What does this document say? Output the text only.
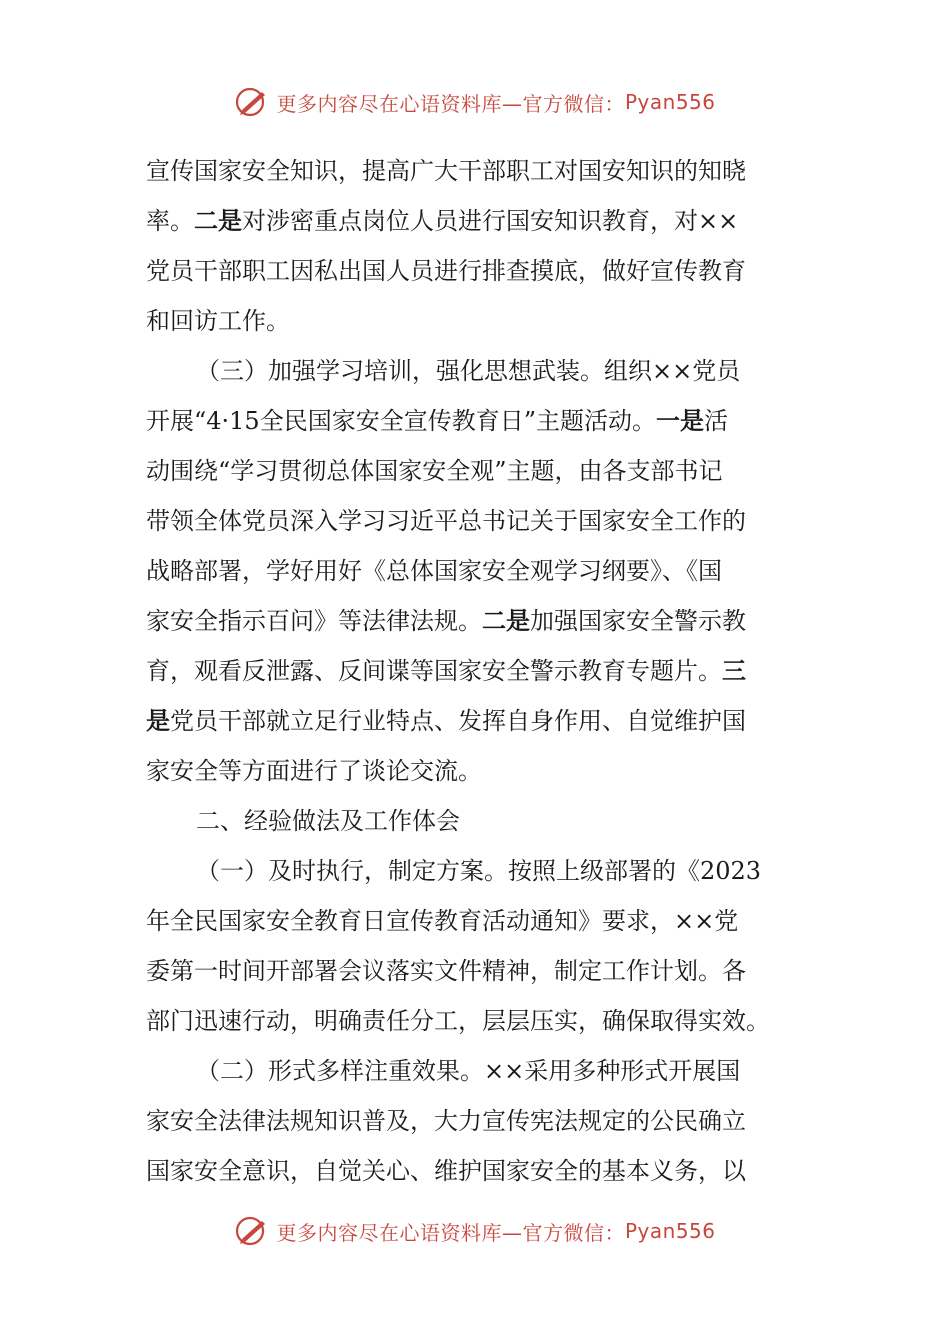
更多内容尽在心语资料库—官方微信： Pyan556
宣传国家安全知识，提高广大干部职工对国安知识的知晓
率。二是对涉密重点岗位人员进行国安知识教育，对××
党员干部职工因私出国人员进行排查摸底，做好宣传教育
和回访工作。
（三）加强学习培训，强化思想武装。组织××党员
开展“4·15全民国家安全宣传教育日”主题活动。一是活
动围绕“学习贯彻总体国家安全观”主题，由各支部书记
带领全体党员深入学习习近平总书记关于国家安全工作的
战略部署，学好用好《总体国家安全观学习纲要》、《国
家安全指示百问》等法律法规。二是加强国家安全警示教
育，观看反泄露、反间谍等国家安全警示教育专题片。三
是党员干部就立足行业特点、发挥自身作用、自觉维护国
家安全等方面进行了谈论交流。
二、经验做法及工作体会
（一）及时执行，制定方案。按照上级部署的《2023
年全民国家安全教育日宣传教育活动通知》要求，××党
委第一时间开部署会议落实文件精神，制定工作计划。各
部门迅速行动，明确责任分工，层层压实，确保取得实效。
（二）形式多样注重效果。××采用多种形式开展国
家安全法律法规知识普及，大力宣传宪法规定的公民确立
国家安全意识，自觉关心、维护国家安全的基本义务，以
更多内容尽在心语资料库—官方微信： Pyan556
